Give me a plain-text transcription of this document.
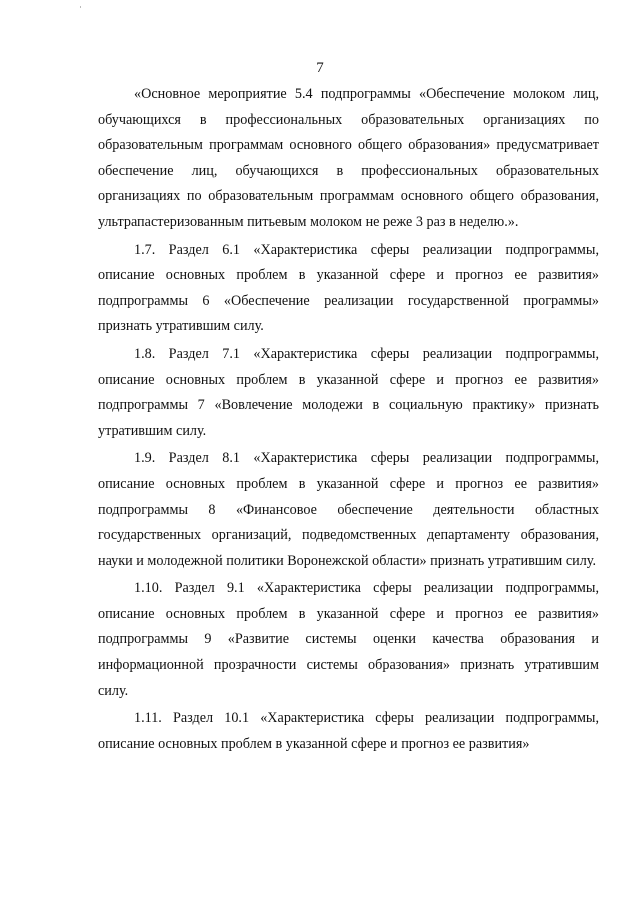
7

«Основное мероприятие 5.4 подпрограммы «Обеспечение молоком лиц, обучающихся в профессиональных образовательных организациях по образовательным программам основного общего образования» предусматривает обеспечение лиц, обучающихся в профессиональных образовательных организациях по образовательным программам основного общего образования, ультрапастеризованным питьевым молоком не реже 3 раз в неделю.».

1.7. Раздел 6.1 «Характеристика сферы реализации подпрограммы, описание основных проблем в указанной сфере и прогноз ее развития» подпрограммы 6 «Обеспечение реализации государственной программы» признать утратившим силу.

1.8. Раздел 7.1 «Характеристика сферы реализации подпрограммы, описание основных проблем в указанной сфере и прогноз ее развития» подпрограммы 7 «Вовлечение молодежи в социальную практику» признать утратившим силу.

1.9. Раздел 8.1 «Характеристика сферы реализации подпрограммы, описание основных проблем в указанной сфере и прогноз ее развития» подпрограммы 8 «Финансовое обеспечение деятельности областных государственных организаций, подведомственных департаменту образования, науки и молодежной политики Воронежской области» признать утратившим силу.

1.10. Раздел 9.1 «Характеристика сферы реализации подпрограммы, описание основных проблем в указанной сфере и прогноз ее развития» подпрограммы 9 «Развитие системы оценки качества образования и информационной прозрачности системы образования» признать утратившим силу.

1.11. Раздел 10.1 «Характеристика сферы реализации подпрограммы, описание основных проблем в указанной сфере и прогноз ее развития»
